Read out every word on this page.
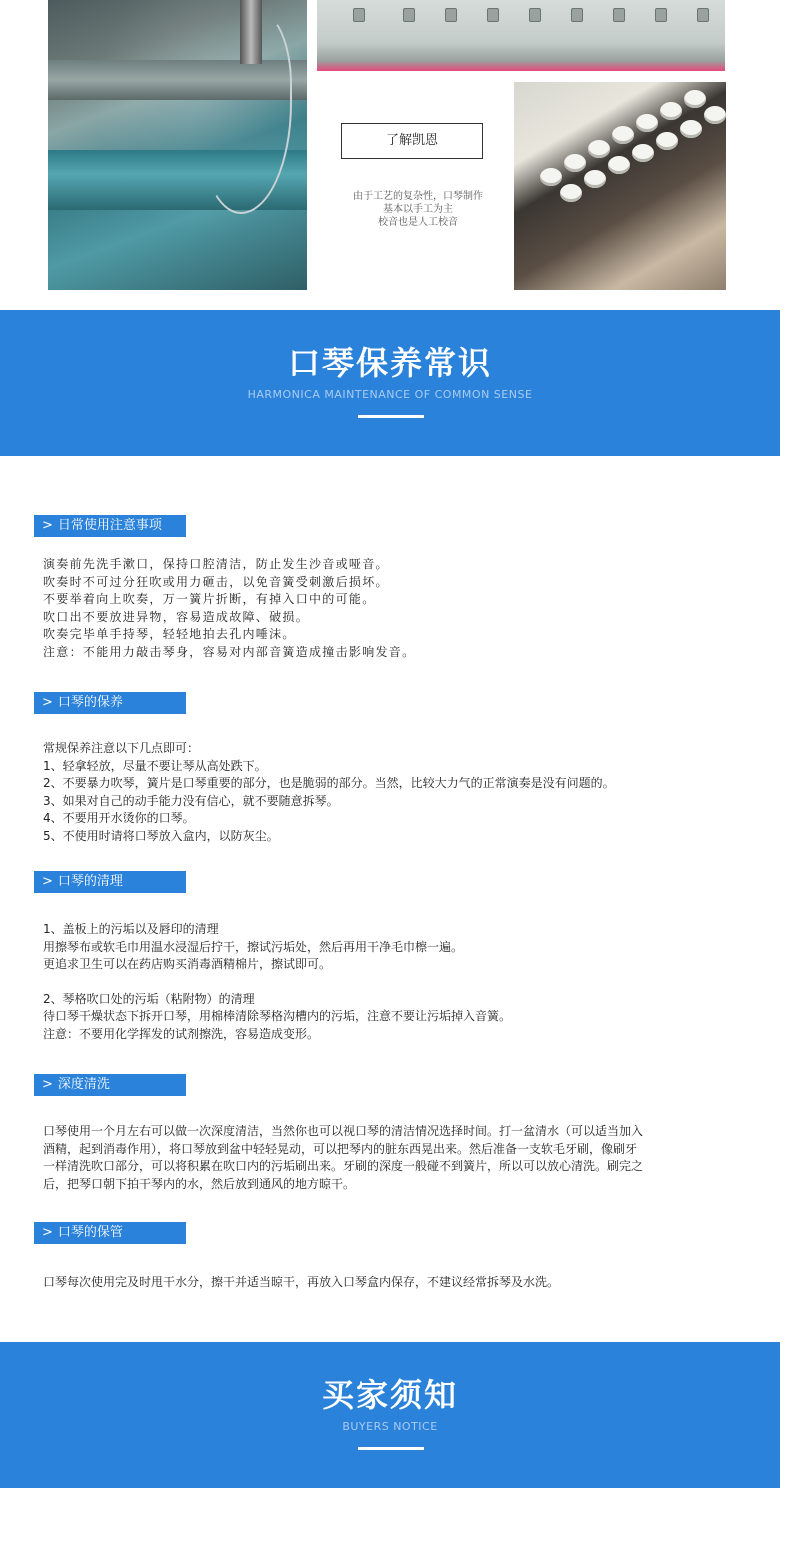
了解凯恩
由于工艺的复杂性，口琴制作
基本以手工为主
校音也是人工校音
口琴保养常识
HARMONICA MAINTENANCE OF COMMON SENSE
> 日常使用注意事项
演奏前先洗手漱口，保持口腔清洁，防止发生沙音或哑音。
吹奏时不可过分狂吹或用力砸击，以免音簧受刺激后损坏。
不要举着向上吹奏，万一簧片折断，有掉入口中的可能。
吹口出不要放进异物，容易造成故障、破损。
吹奏完毕单手持琴，轻轻地拍去孔内唾沫。
注意：不能用力敲击琴身，容易对内部音簧造成撞击影响发音。
> 口琴的保养
常规保养注意以下几点即可：
1、轻拿轻放，尽量不要让琴从高处跌下。
2、不要暴力吹琴，簧片是口琴重要的部分，也是脆弱的部分。当然，比较大力气的正常演奏是没有问题的。
3、如果对自己的动手能力没有信心，就不要随意拆琴。
4、不要用开水烫你的口琴。
5、不使用时请将口琴放入盒内，以防灰尘。
> 口琴的清理
1、盖板上的污垢以及唇印的清理
用擦琴布或软毛巾用温水浸湿后拧干，擦试污垢处，然后再用干净毛巾檫一遍。
更追求卫生可以在药店购买消毒酒精棉片，擦试即可。
2、琴格吹口处的污垢（粘附物）的清理
待口琴干燥状态下拆开口琴，用棉棒清除琴格沟槽内的污垢，注意不要让污垢掉入音簧。
注意：不要用化学挥发的试剂擦洗，容易造成变形。
> 深度清洗
口琴使用一个月左右可以做一次深度清洁，当然你也可以视口琴的清洁情况选择时间。打一盆清水（可以适当加入
酒精，起到消毒作用），将口琴放到盆中轻轻晃动，可以把琴内的脏东西晃出来。然后准备一支软毛牙刷，像刷牙
一样清洗吹口部分，可以将积累在吹口内的污垢刷出来。牙刷的深度一般碰不到簧片，所以可以放心清洗。刷完之
后，把琴口朝下拍干琴内的水，然后放到通风的地方晾干。
> 口琴的保管
口琴每次使用完及时甩干水分，擦干并适当晾干，再放入口琴盒内保存，不建议经常拆琴及水洗。
买家须知
BUYERS NOTICE
